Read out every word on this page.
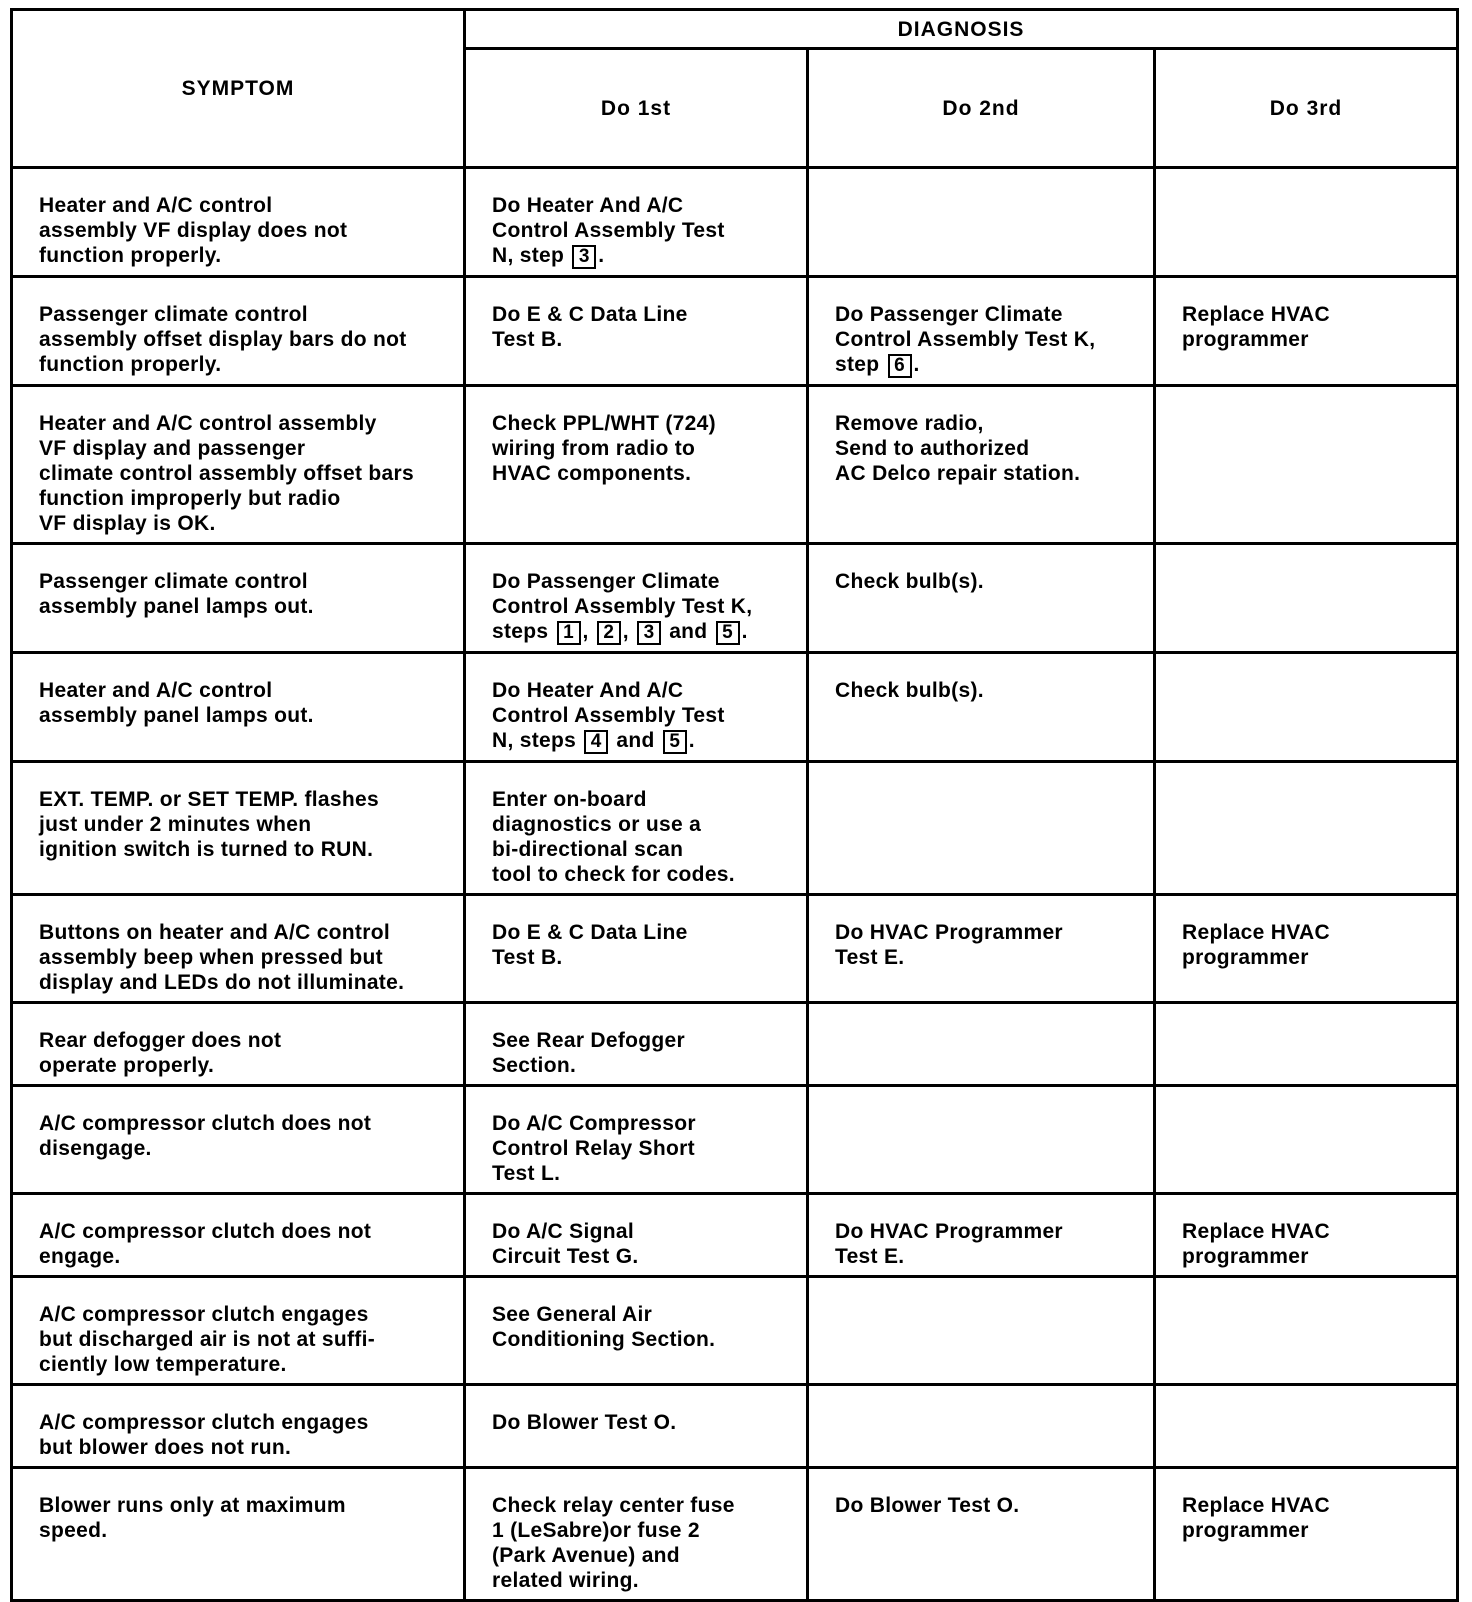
SYMPTOM	DIAGNOSIS		
	Do 1st	Do 2nd	Do 3rd
Heater and A/C control
assembly VF display does not
function properly.	Do Heater And A/C
Control Assembly Test
N, step 3 .		
Passenger climate control
assembly offset display bars do not
function properly.	Do E & C Data Line
Test B.	Do Passenger Climate
Control Assembly Test K,
step 6 .	Replace HVAC
programmer
Heater and A/C control assembly
VF display and passenger
climate control assembly offset bars
function improperly but radio
VF display is OK.	Check PPL/WHT (724)
wiring from radio to
HVAC components.	Remove radio,
Send to authorized
AC Delco repair station.	
Passenger climate control
assembly panel lamps out.	Do Passenger Climate
Control Assembly Test K,
steps 1 , 2 , 3 and 5 .	Check bulb(s).	
Heater and A/C control
assembly panel lamps out.	Do Heater And A/C
Control Assembly Test
N, steps 4 and 5 .	Check bulb(s).	
EXT. TEMP. or SET TEMP. flashes
just under 2 minutes when
ignition switch is turned to RUN.	Enter on-board
diagnostics or use a
bi-directional scan
tool to check for codes.		
Buttons on heater and A/C control
assembly beep when pressed but
display and LEDs do not illuminate.	Do E & C Data Line
Test B.	Do HVAC Programmer
Test E.	Replace HVAC
programmer
Rear defogger does not
operate properly.	See Rear Defogger
Section.		
A/C compressor clutch does not
disengage.	Do A/C Compressor
Control Relay Short
Test L.		
A/C compressor clutch does not
engage.	Do A/C Signal
Circuit Test G.	Do HVAC Programmer
Test E.	Replace HVAC
programmer
A/C compressor clutch engages
but discharged air is not at suffi-
ciently low temperature.	See General Air
Conditioning Section.		
A/C compressor clutch engages
but blower does not run.	Do Blower Test O.		
Blower runs only at maximum
speed.	Check relay center fuse
1 (LeSabre)or fuse 2
(Park Avenue) and
related wiring.	Do Blower Test O.	Replace HVAC
programmer
